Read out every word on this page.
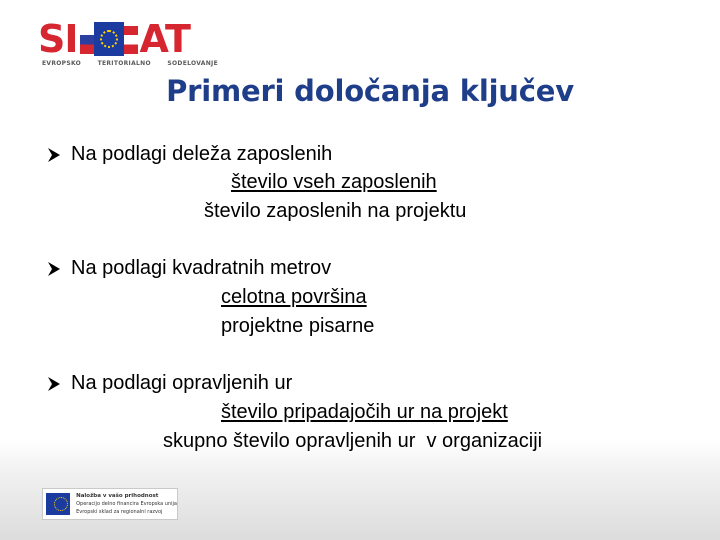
SI AT
EVROPSKO	TERITORIALNO	SODELOVANJE
Primeri določanja ključev
Na podlagi deleža zaposlenih
število vseh zaposlenih
število zaposlenih na projektu
Na podlagi kvadratnih metrov
celotna površina
projektne pisarne
Na podlagi opravljenih ur
število pripadajočih ur na projekt
skupno število opravljenih ur  v organizaciji
Naložba v vašo prihodnost
Operacijo delno financira Evropska unija
Evropski sklad za regionalni razvoj
